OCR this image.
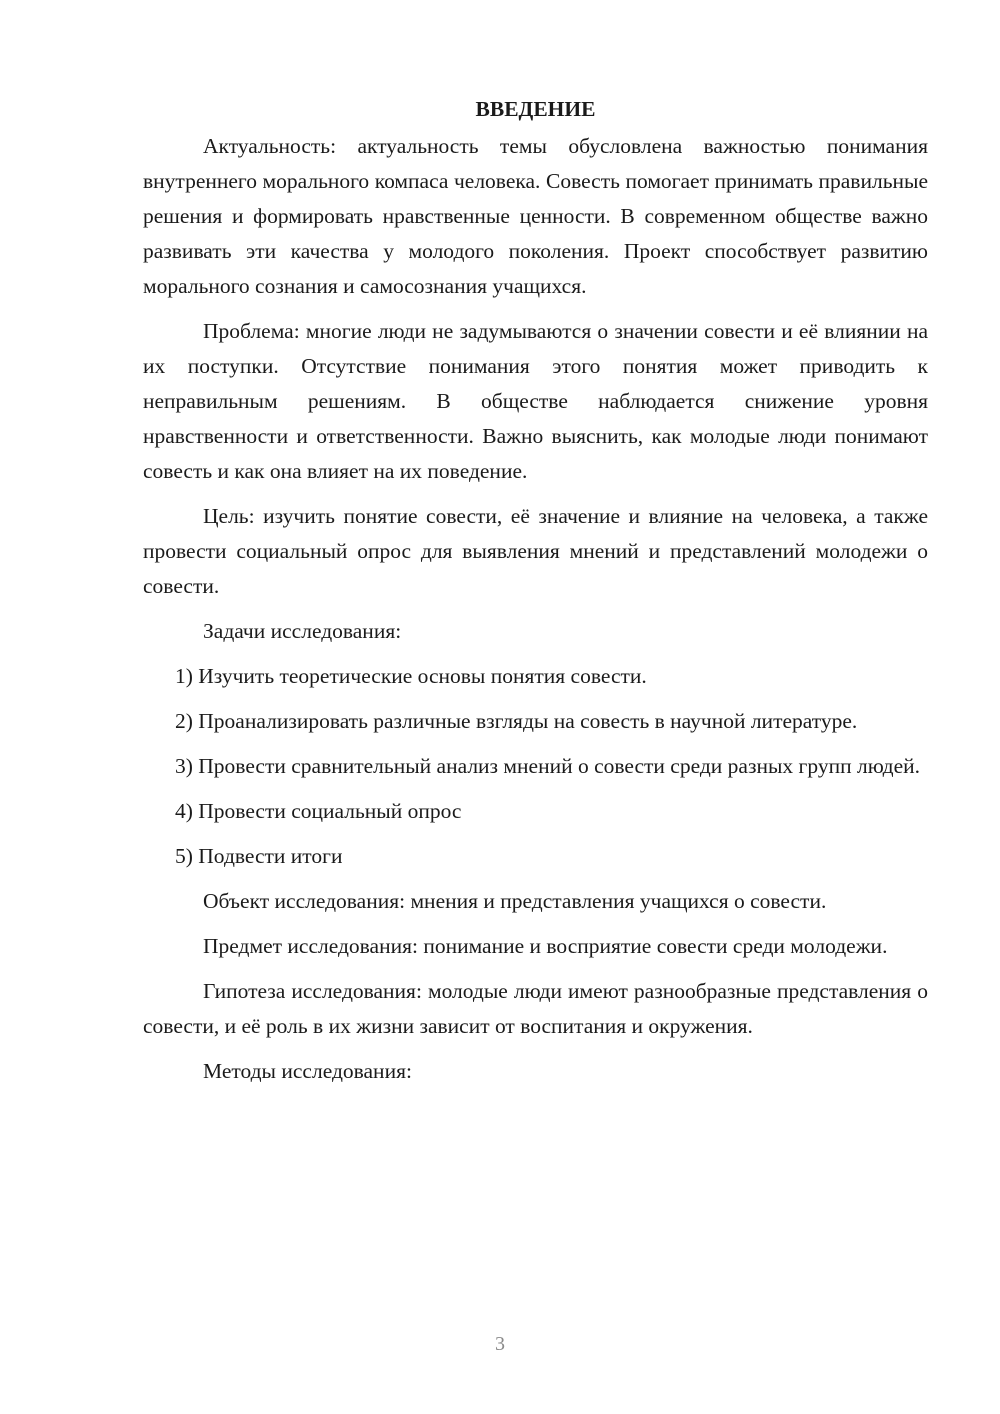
ВВЕДЕНИЕ

Актуальность: актуальность темы обусловлена важностью понимания внутреннего морального компаса человека. Совесть помогает принимать правильные решения и формировать нравственные ценности. В современном обществе важно развивать эти качества у молодого поколения. Проект способствует развитию морального сознания и самосознания учащихся.

Проблема: многие люди не задумываются о значении совести и её влиянии на их поступки. Отсутствие понимания этого понятия может приводить к неправильным решениям. В обществе наблюдается снижение уровня нравственности и ответственности. Важно выяснить, как молодые люди понимают совесть и как она влияет на их поведение.

Цель: изучить понятие совести, её значение и влияние на человека, а также провести социальный опрос для выявления мнений и представлений молодежи о совести.

Задачи исследования:

1) Изучить теоретические основы понятия совести.

2) Проанализировать различные взгляды на совесть в научной литературе.

3) Провести сравнительный анализ мнений о совести среди разных групп людей.

4) Провести социальный опрос

5) Подвести итоги

Объект исследования: мнения и представления учащихся о совести.

Предмет исследования: понимание и восприятие совести среди молодежи.

Гипотеза исследования: молодые люди имеют разнообразные представления о совести, и её роль в их жизни зависит от воспитания и окружения.

Методы исследования:

3
